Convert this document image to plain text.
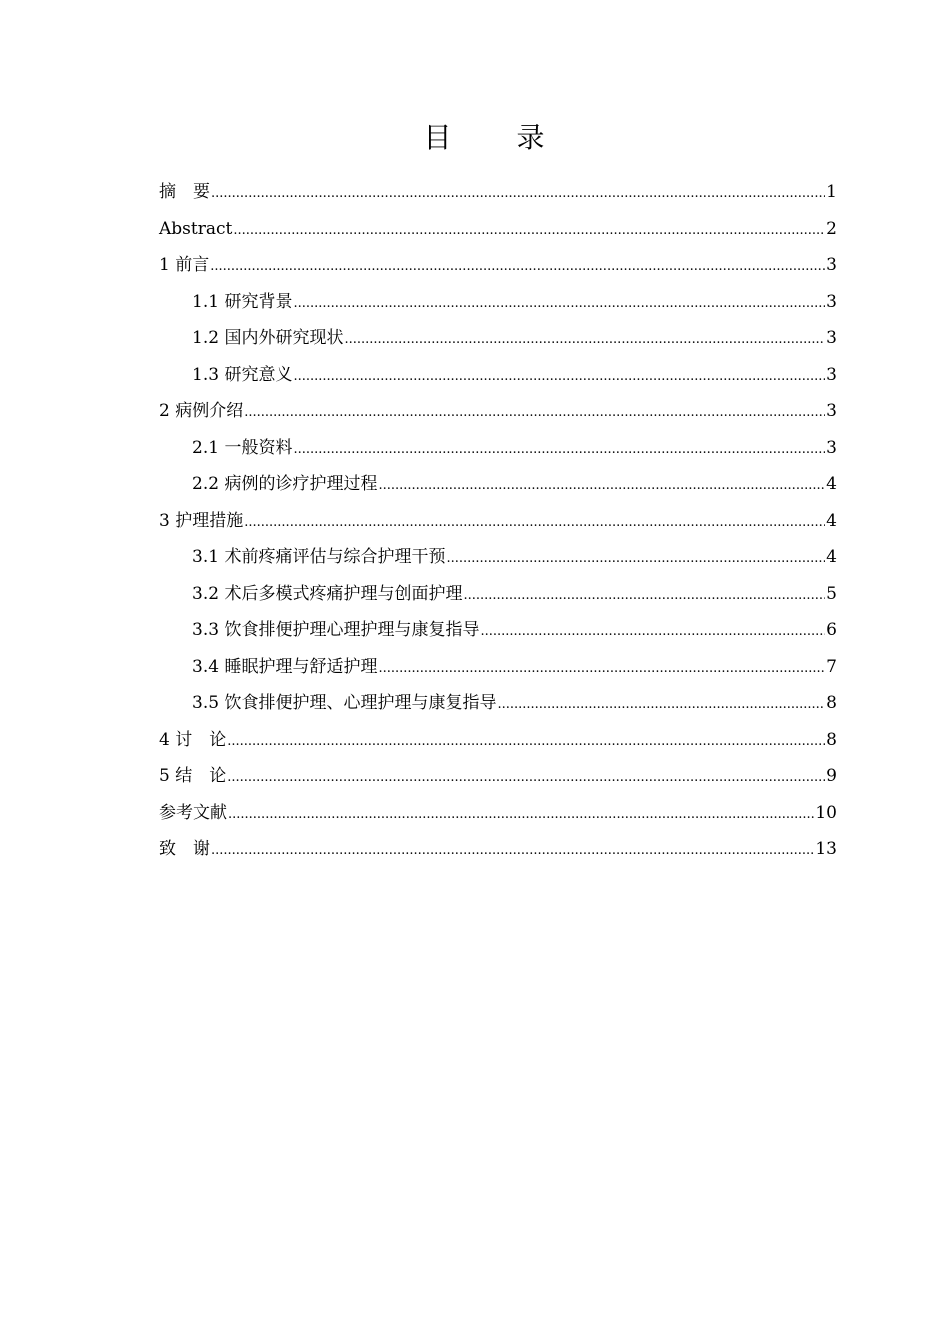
目 录
摘　要 .....	1
Abstract .....	2
1 前言 .....	3
1.1 研究背景 .....	3
1.2 国内外研究现状 .....	3
1.3 研究意义 .....	3
2 病例介绍 .....	3
2.1 一般资料 .....	3
2.2 病例的诊疗护理过程 .....	4
3 护理措施 .....	4
3.1 术前疼痛评估与综合护理干预 .....	4
3.2 术后多模式疼痛护理与创面护理 .....	5
3.3 饮食排便护理心理护理与康复指导 .....	6
3.4 睡眠护理与舒适护理 .....	7
3.5 饮食排便护理、心理护理与康复指导 .....	8
4 讨　论 .....	8
5 结　论 .....	9
参考文献 .....	10
致　谢 .....	13
